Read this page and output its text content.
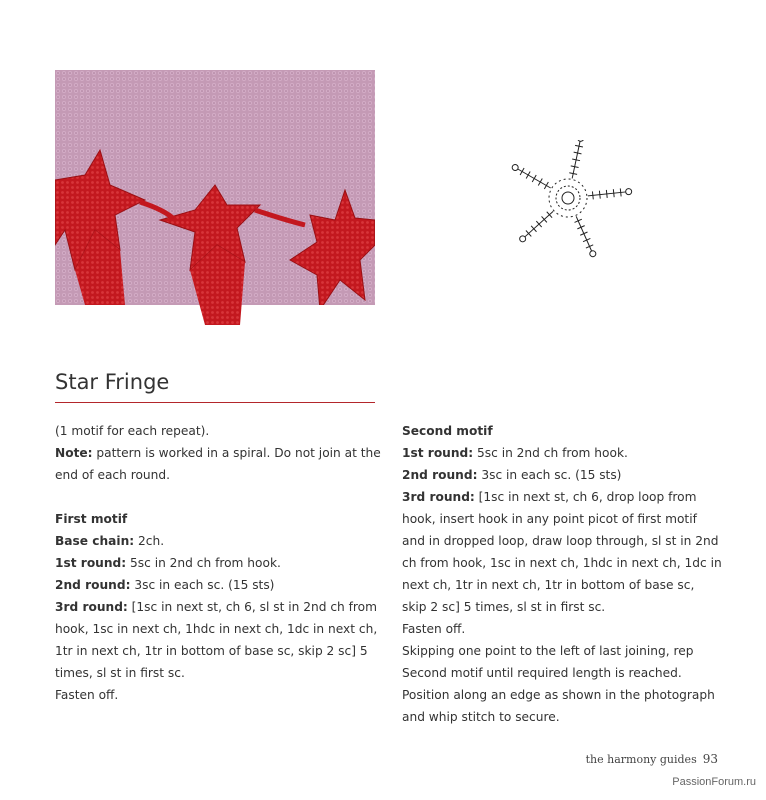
Star Fringe

(1 motif for each repeat).

Note: pattern is worked in a spiral. Do not join at the end of each round.

First motif

Base chain: 2ch.

1st round: 5sc in 2nd ch from hook.

2nd round: 3sc in each sc. (15 sts)

3rd round: [1sc in next st, ch 6, sl st in 2nd ch from hook, 1sc in next ch, 1hdc in next ch, 1dc in next ch, 1tr in next ch, 1tr in bottom of base sc, skip 2 sc] 5 times, sl st in first sc.

Fasten off.

Second motif

1st round: 5sc in 2nd ch from hook.

2nd round: 3sc in each sc. (15 sts)

3rd round: [1sc in next st, ch 6, drop loop from hook, insert hook in any point picot of first motif and in dropped loop, draw loop through, sl st in 2nd ch from hook, 1sc in next ch, 1hdc in next ch, 1dc in next ch, 1tr in next ch, 1tr in bottom of base sc, skip 2 sc] 5 times, sl st in first sc.

Fasten off.

Skipping one point to the left of last joining, rep Second motif until required length is reached.

Position along an edge as shown in the photograph and whip stitch to secure.

the harmony guides 93
PassionForum.ru
